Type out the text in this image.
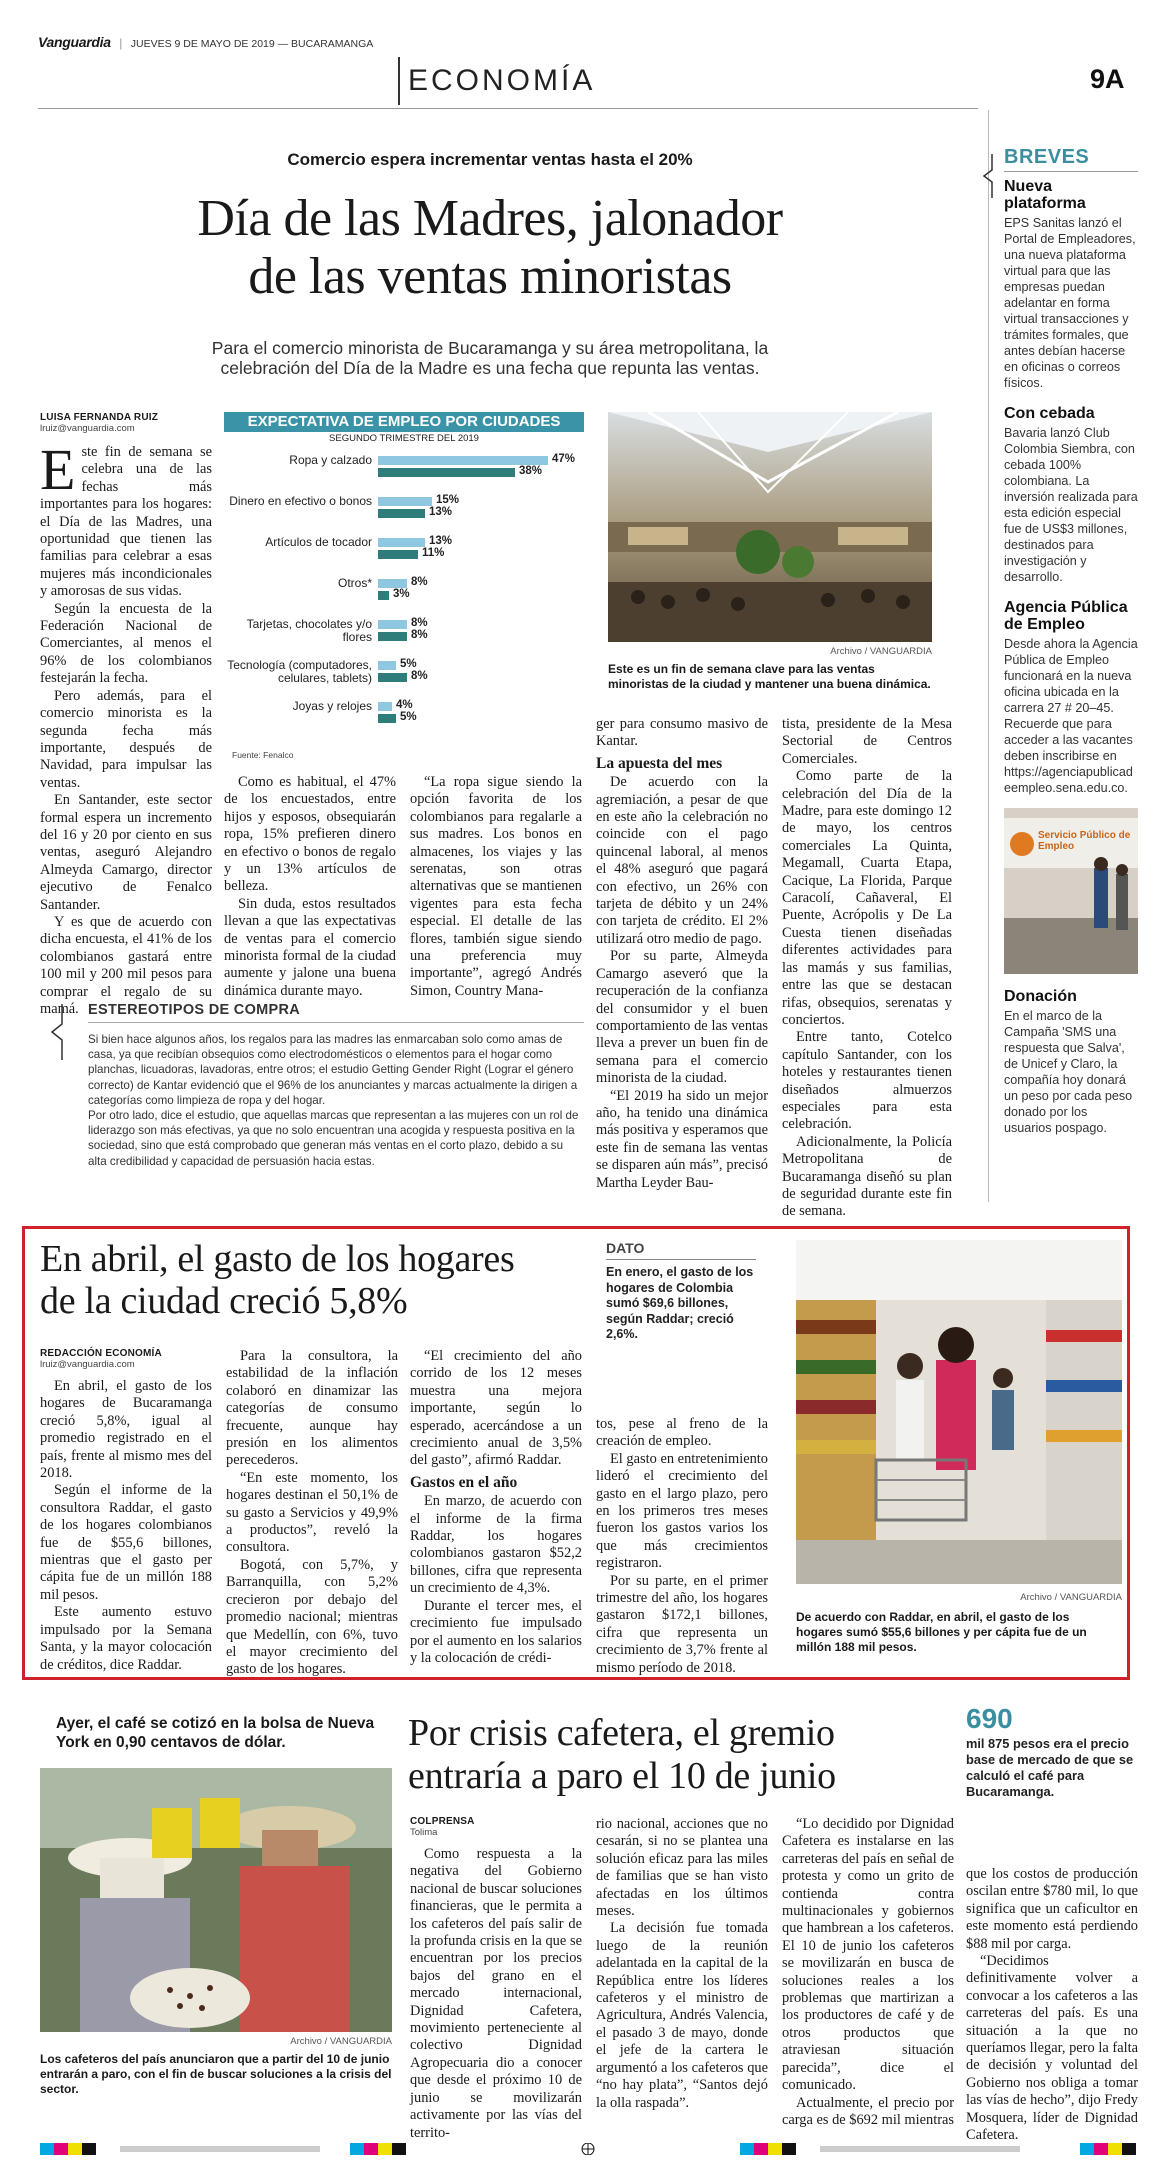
Vanguardia | JUEVES 9 DE MAYO DE 2019 — BUCARAMANGA
ECONOMÍA	9A
Comercio espera incrementar ventas hasta el 20%
Día de las Madres, jalonador
de las ventas minoristas
Para el comercio minorista de Bucaramanga y su área metropolitana, la
celebración del Día de la Madre es una fecha que repunta las ventas.
LUISA FERNANDA RUIZ
lruiz@vanguardia.com

Este fin de semana se celebra una de las fechas más importantes para los hogares: el Día de las Madres, una oportunidad que tienen las familias para celebrar a esas mujeres más incondicionales y amorosas de sus vidas.

Según la encuesta de la Federación Nacional de Comerciantes, al menos el 96% de los colombianos festejarán la fecha.

Pero además, para el comercio minorista es la segunda fecha más importante, después de Navidad, para impulsar las ventas.

En Santander, este sector formal espera un incremento del 16 y 20 por ciento en sus ventas, aseguró Alejandro Almeyda Camargo, director ejecutivo de Fenalco Santander.

Y es que de acuerdo con dicha encuesta, el 41% de los colombianos gastará entre 100 mil y 200 mil pesos para comprar el regalo de su mamá.

EXPECTATIVA DE EMPLEO POR CIUDADES
SEGUNDO TRIMESTRE DEL 2019
Ropa y calzado	47%
38%
Dinero en efectivo o bonos	15%
13%
Artículos de tocador	13%
11%
Otros*	8%
3%
Tarjetas, chocolates y/o flores
8%
8%
Tecnología (computadores, celulares, tablets)
5%
8%
Joyas y relojes 4%
5%
Fuente: Fenalco
Archivo / VANGUARDIA
Este es un fin de semana clave para las ventas minoristas de la ciudad y mantener una buena dinámica.

Como es habitual, el 47% de los encuestados, entre hijos y esposos, obsequiarán ropa, 15% prefieren dinero en efectivo o bonos de regalo y un 13% artículos de belleza.

Sin duda, estos resultados llevan a que las expectativas de ventas para el comercio minorista formal de la ciudad aumente y jalone una buena dinámica durante mayo.

“La ropa sigue siendo la opción favorita de los colombianos para regalarle a sus madres. Los bonos en almacenes, los viajes y las serenatas, son otras alternativas que se mantienen vigentes para esta fecha especial. El detalle de las flores, también sigue siendo una preferencia muy importante”, agregó Andrés Simon, Country Mana-

ger para consumo masivo de Kantar.

La apuesta del mes

De acuerdo con la agremiación, a pesar de que en este año la celebración no coincide con el pago quincenal laboral, al menos el 48% aseguró que pagará con efectivo, un 26% con tarjeta de débito y un 24% con tarjeta de crédito. El 2% utilizará otro medio de pago.

Por su parte, Almeyda Camargo aseveró que la recuperación de la confianza del consumidor y el buen comportamiento de las ventas lleva a prever un buen fin de semana para el comercio minorista de la ciudad.

“El 2019 ha sido un mejor año, ha tenido una dinámica más positiva y esperamos que este fin de semana las ventas se disparen aún más”, precisó Martha Leyder Bau-

tista, presidente de la Mesa Sectorial de Centros Comerciales.

Como parte de la celebración del Día de la Madre, para este domingo 12 de mayo, los centros comerciales La Quinta, Megamall, Cuarta Etapa, Cacique, La Florida, Parque Caracolí, Cañaveral, El Puente, Acrópolis y De La Cuesta tienen diseñadas diferentes actividades para las mamás y sus familias, entre las que se destacan rifas, obsequios, serenatas y conciertos.

Entre tanto, Cotelco capítulo Santander, con los hoteles y restaurantes tienen diseñados almuerzos especiales para esta celebración.

Adicionalmente, la Policía Metropolitana de Bucaramanga diseñó su plan de seguridad durante este fin de semana.

ESTEREOTIPOS DE COMPRA

Si bien hace algunos años, los regalos para las madres las enmarcaban solo como amas de casa, ya que recibían obsequios como electrodomésticos o elementos para el hogar como planchas, licuadoras, lavadoras, entre otros; el estudio Getting Gender Right (Lograr el género correcto) de Kantar evidenció que el 96% de los anunciantes y marcas actualmente la dirigen a categorías como limpieza de ropa y del hogar.

Por otro lado, dice el estudio, que aquellas marcas que representan a las mujeres con un rol de liderazgo son más efectivas, ya que no solo encuentran una acogida y respuesta positiva en la sociedad, sino que está comprobado que generan más ventas en el corto plazo, debido a su alta credibilidad y capacidad de persuasión hacia estas.

BREVES
Nueva plataforma
EPS Sanitas lanzó el Portal de Empleadores, una nueva plataforma virtual para que las empresas puedan adelantar en forma virtual transacciones y trámites formales, que antes debían hacerse en oficinas o correos físicos.
Con cebada
Bavaria lanzó Club Colombia Siembra, con cebada 100% colombiana. La inversión realizada para esta edición especial fue de US$3 millones, destinados para investigación y desarrollo.
Agencia Pública de Empleo
Desde ahora la Agencia Pública de Empleo funcionará en la nueva oficina ubicada en la carrera 27 # 20–45. Recuerde que para acceder a las vacantes deben inscribirse en https://agenciapublicadeempleo.sena.edu.co.
Servicio Público de Empleo
Donación
En el marco de la Campaña 'SMS una respuesta que Salva', de Unicef y Claro, la compañía hoy donará un peso por cada peso donado por los usuarios pospago.
En abril, el gasto de los hogares
de la ciudad creció 5,8%
REDACCIÓN ECONOMÍA
lruiz@vanguardia.com

En abril, el gasto de los hogares de Bucaramanga creció 5,8%, igual al promedio registrado en el país, frente al mismo mes del 2018.

Según el informe de la consultora Raddar, el gasto de los hogares colombianos fue de $55,6 billones, mientras que el gasto per cápita fue de un millón 188 mil pesos.

Este aumento estuvo impulsado por la Semana Santa, y la mayor colocación de créditos, dice Raddar.

Para la consultora, la estabilidad de la inflación colaboró en dinamizar las categorías de consumo frecuente, aunque hay presión en los alimentos perecederos.

“En este momento, los hogares destinan el 50,1% de su gasto a Servicios y 49,9% a productos”, reveló la consultora.

Bogotá, con 5,7%, y Barranquilla, con 5,2% crecieron por debajo del promedio nacional; mientras que Medellín, con 6%, tuvo el mayor crecimiento del gasto de los hogares.

“El crecimiento del año corrido de los 12 meses muestra una mejora importante, según lo esperado, acercándose a un crecimiento anual de 3,5% del gasto”, afirmó Raddar.

Gastos en el año

En marzo, de acuerdo con el informe de la firma Raddar, los hogares colombianos gastaron $52,2 billones, cifra que representa un crecimiento de 4,3%.

Durante el tercer mes, el crecimiento fue impulsado por el aumento en los salarios y la colocación de crédi-

tos, pese al freno de la creación de empleo.

El gasto en entretenimiento lideró el crecimiento del gasto en el largo plazo, pero en los primeros tres meses fueron los gastos varios los que más crecimientos registraron.

Por su parte, en el primer trimestre del año, los hogares gastaron $172,1 billones, cifra que representa un crecimiento de 3,7% frente al mismo período de 2018.

DATO
En enero, el gasto de los hogares de Colombia sumó $69,6 billones, según Raddar; creció 2,6%.
Archivo / VANGUARDIA
De acuerdo con Raddar, en abril, el gasto de los hogares sumó $55,6 billones y per cápita fue de un millón 188 mil pesos.
Ayer, el café se cotizó en la bolsa de Nueva York en 0,90 centavos de dólar.
Archivo / VANGUARDIA
Los cafeteros del país anunciaron que a partir del 10 de junio entrarán a paro, con el fin de buscar soluciones a la crisis del sector.
Por crisis cafetera, el gremio
entraría a paro el 10 de junio
COLPRENSA
Tolima

Como respuesta a la negativa del Gobierno nacional de buscar soluciones financieras, que le permita a los cafeteros del país salir de la profunda crisis en la que se encuentran por los precios bajos del grano en el mercado internacional, Dignidad Cafetera, movimiento perteneciente al colectivo Dignidad Agropecuaria dio a conocer que desde el próximo 10 de junio se movilizarán activamente por las vías del territo-

rio nacional, acciones que no cesarán, si no se plantea una solución eficaz para las miles de familias que se han visto afectadas en los últimos meses.

La decisión fue tomada luego de la reunión adelantada en la capital de la República entre los líderes cafeteros y el ministro de Agricultura, Andrés Valencia, el pasado 3 de mayo, donde el jefe de la cartera le argumentó a los cafeteros que “no hay plata”, “Santos dejó la olla raspada”.

“Lo decidido por Dignidad Cafetera es instalarse en las carreteras del país en señal de protesta y como un grito de contienda contra multinacionales y gobiernos que hambrean a los cafeteros. El 10 de junio los cafeteros se movilizarán en busca de soluciones reales a los problemas que martirizan a los productores de café y de otros productos que atraviesan situación parecida”, dice el comunicado.

Actualmente, el precio por carga es de $692 mil mientras

690
mil 875 pesos era el precio base de mercado de que se calculó el café para Bucaramanga.

que los costos de producción oscilan entre $780 mil, lo que significa que un caficultor en este momento está perdiendo $88 mil por carga.

“Decidimos definitivamente volver a convocar a los cafeteros a las carreteras del país. Es una situación a la que no queríamos llegar, pero la falta de decisión y voluntad del Gobierno nos obliga a tomar las vías de hecho”, dijo Fredy Mosquera, líder de Dignidad Cafetera.
